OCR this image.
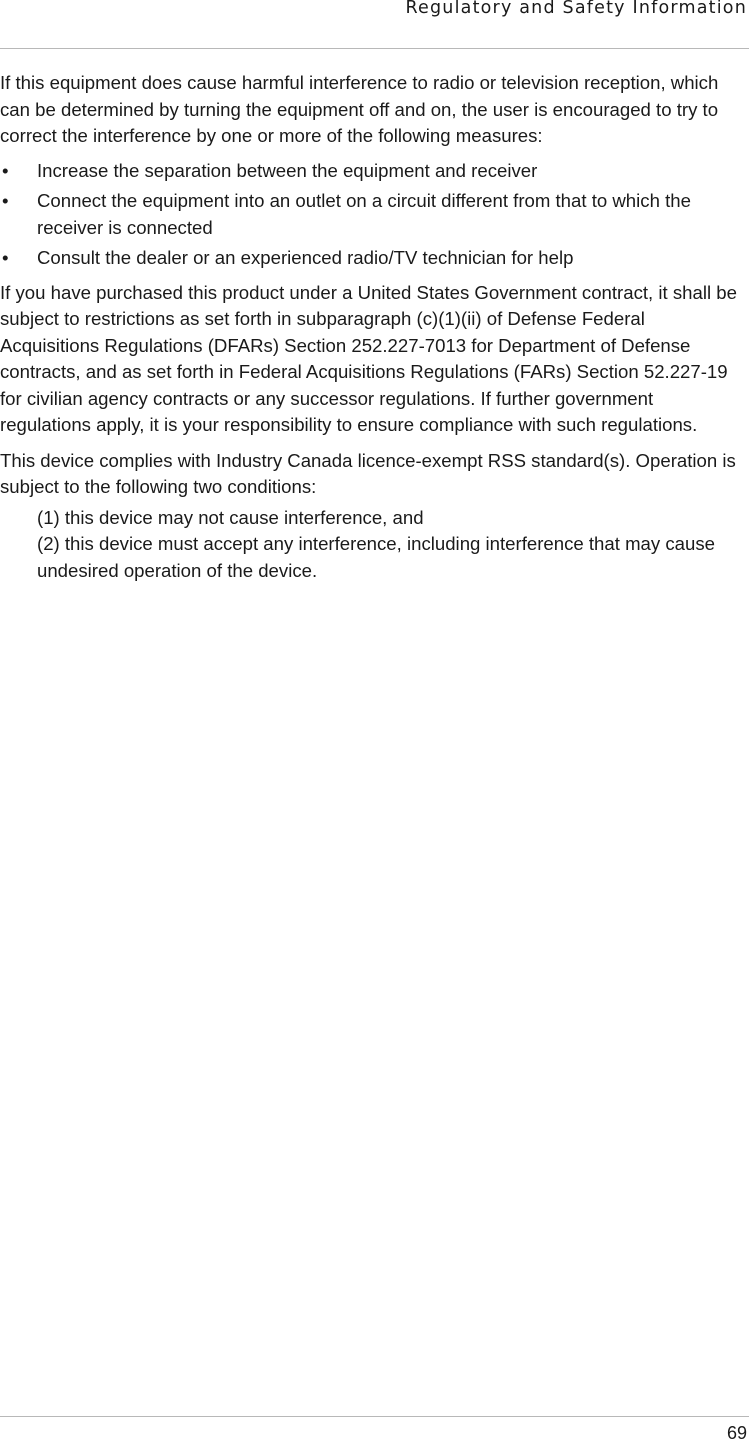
Regulatory and Safety Information

If this equipment does cause harmful interference to radio or television reception, which can be determined by turning the equipment off and on, the user is encouraged to try to correct the interference by one or more of the following measures:

• Increase the separation between the equipment and receiver
• Connect the equipment into an outlet on a circuit different from that to which the receiver is connected
• Consult the dealer or an experienced radio/TV technician for help

If you have purchased this product under a United States Government contract, it shall be subject to restrictions as set forth in subparagraph (c)(1)(ii) of Defense Federal Acquisitions Regulations (DFARs) Section 252.227-7013 for Department of Defense contracts, and as set forth in Federal Acquisitions Regulations (FARs) Section 52.227-19 for civilian agency contracts or any successor regulations. If further government regulations apply, it is your responsibility to ensure compliance with such regulations.

This device complies with Industry Canada licence-exempt RSS standard(s). Operation is subject to the following two conditions:

(1) this device may not cause interference, and

(2) this device must accept any interference, including interference that may cause undesired operation of the device.

69
